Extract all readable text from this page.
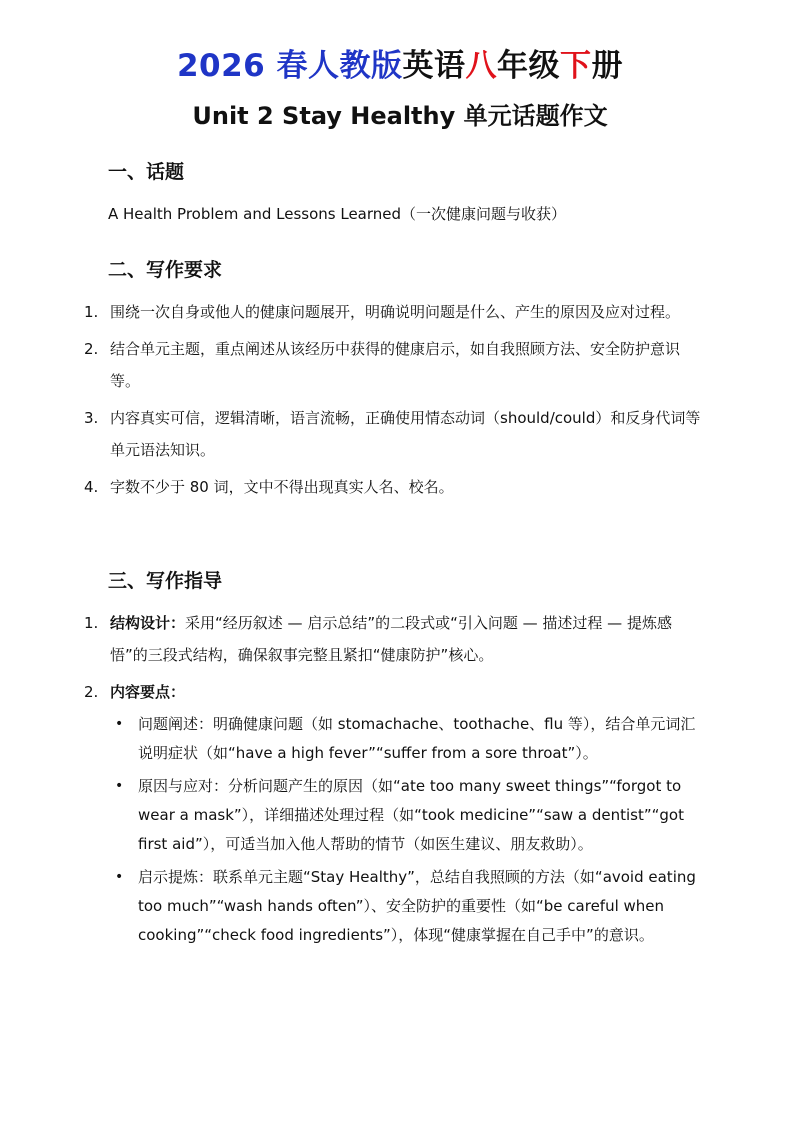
2026 春人教版英语八年级下册
Unit 2 Stay Healthy 单元话题作文
一、话题
A Health Problem and Lessons Learned（一次健康问题与收获）
二、写作要求
1. 围绕一次自身或他人的健康问题展开，明确说明问题是什么、产生的原因及应对过程。
2. 结合单元主题，重点阐述从该经历中获得的健康启示，如自我照顾方法、安全防护意识等。
3. 内容真实可信，逻辑清晰，语言流畅，正确使用情态动词（should/could）和反身代词等单元语法知识。
4. 字数不少于 80 词，文中不得出现真实人名、校名。
三、写作指导
1. 结构设计：采用“经历叙述 — 启示总结”的二段式或“引入问题 — 描述过程 — 提炼感悟”的三段式结构，确保叙事完整且紧扣“健康防护”核心。
2. 内容要点：
• 问题阐述：明确健康问题（如 stomachache、toothache、flu 等），结合单元词汇说明症状（如“have a high fever”“suffer from a sore throat”）。
• 原因与应对：分析问题产生的原因（如“ate too many sweet things”“forgot to wear a mask”），详细描述处理过程（如“took medicine”“saw a dentist”“got first aid”），可适当加入他人帮助的情节（如医生建议、朋友救助）。
• 启示提炼：联系单元主题“Stay Healthy”，总结自我照顾的方法（如“avoid eating too much”“wash hands often”）、安全防护的重要性（如“be careful when cooking”“check food ingredients”），体现“健康掌握在自己手中”的意识。
